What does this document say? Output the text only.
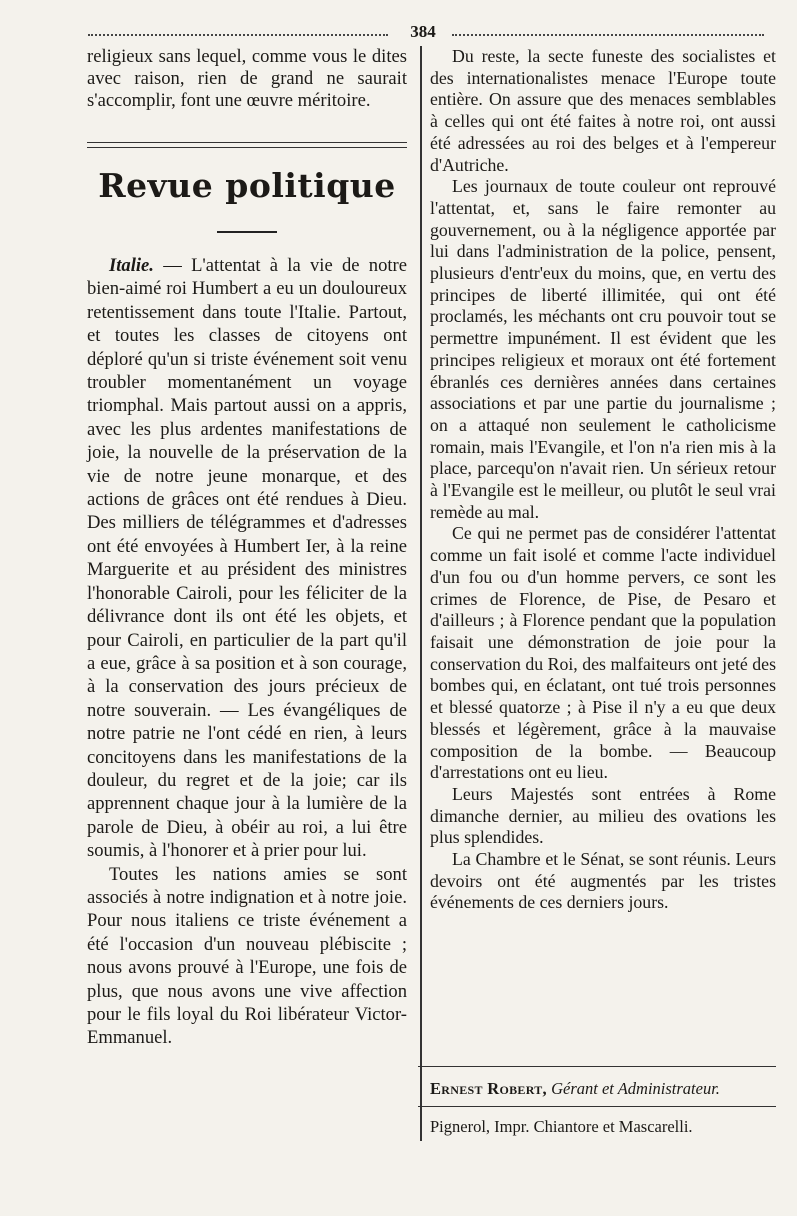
384

religieux sans lequel, comme vous le dites avec raison, rien de grand ne saurait s'accomplir, font une œuvre méritoire.

Revue politique

Italie. — L'attentat à la vie de notre bien-aimé roi Humbert a eu un douloureux retentissement dans toute l'Italie. Partout, et toutes les classes de citoyens ont déploré qu'un si triste événement soit venu troubler momentanément un voyage triomphal. Mais partout aussi on a appris, avec les plus ardentes manifestations de joie, la nouvelle de la préservation de la vie de notre jeune monarque, et des actions de grâces ont été rendues à Dieu. Des milliers de télégrammes et d'adresses ont été envoyées à Humbert Ier, à la reine Marguerite et au président des ministres l'honorable Cairoli, pour les féliciter de la délivrance dont ils ont été les objets, et pour Cairoli, en particulier de la part qu'il a eue, grâce à sa position et à son courage, à la conservation des jours précieux de notre souverain. — Les évangéliques de notre patrie ne l'ont cédé en rien, à leurs concitoyens dans les manifestations de la douleur, du regret et de la joie; car ils apprennent chaque jour à la lumière de la parole de Dieu, à obéir au roi, a lui être soumis, à l'honorer et à prier pour lui.

Toutes les nations amies se sont associés à notre indignation et à notre joie. Pour nous italiens ce triste événement a été l'occasion d'un nouveau plébiscite ; nous avons prouvé à l'Europe, une fois de plus, que nous avons une vive affection pour le fils loyal du Roi libérateur Victor-Emmanuel.

Du reste, la secte funeste des socialistes et des internationalistes menace l'Europe toute entière. On assure que des menaces semblables à celles qui ont été faites à notre roi, ont aussi été adressées au roi des belges et à l'empereur d'Autriche.

Les journaux de toute couleur ont reprouvé l'attentat, et, sans le faire remonter au gouvernement, ou à la négligence apportée par lui dans l'administration de la police, pensent, plusieurs d'entr'eux du moins, que, en vertu des principes de liberté illimitée, qui ont été proclamés, les méchants ont cru pouvoir tout se permettre impunément. Il est évident que les principes religieux et moraux ont été fortement ébranlés ces dernières années dans certaines associations et par une partie du journalisme ; on a attaqué non seulement le catholicisme romain, mais l'Evangile, et l'on n'a rien mis à la place, parcequ'on n'avait rien. Un sérieux retour à l'Evangile est le meilleur, ou plutôt le seul vrai remède au mal.

Ce qui ne permet pas de considérer l'attentat comme un fait isolé et comme l'acte individuel d'un fou ou d'un homme pervers, ce sont les crimes de Florence, de Pise, de Pesaro et d'ailleurs ; à Florence pendant que la population faisait une démonstration de joie pour la conservation du Roi, des malfaiteurs ont jeté des bombes qui, en éclatant, ont tué trois personnes et blessé quatorze ; à Pise il n'y a eu que deux blessés et légèrement, grâce à la mauvaise composition de la bombe. — Beaucoup d'arrestations ont eu lieu.

Leurs Majestés sont entrées à Rome dimanche dernier, au milieu des ovations les plus splendides.

La Chambre et le Sénat, se sont réunis. Leurs devoirs ont été augmentés par les tristes événements de ces derniers jours.

Ernest Robert, Gérant et Administrateur.
Pignerol, Impr. Chiantore et Mascarelli.
